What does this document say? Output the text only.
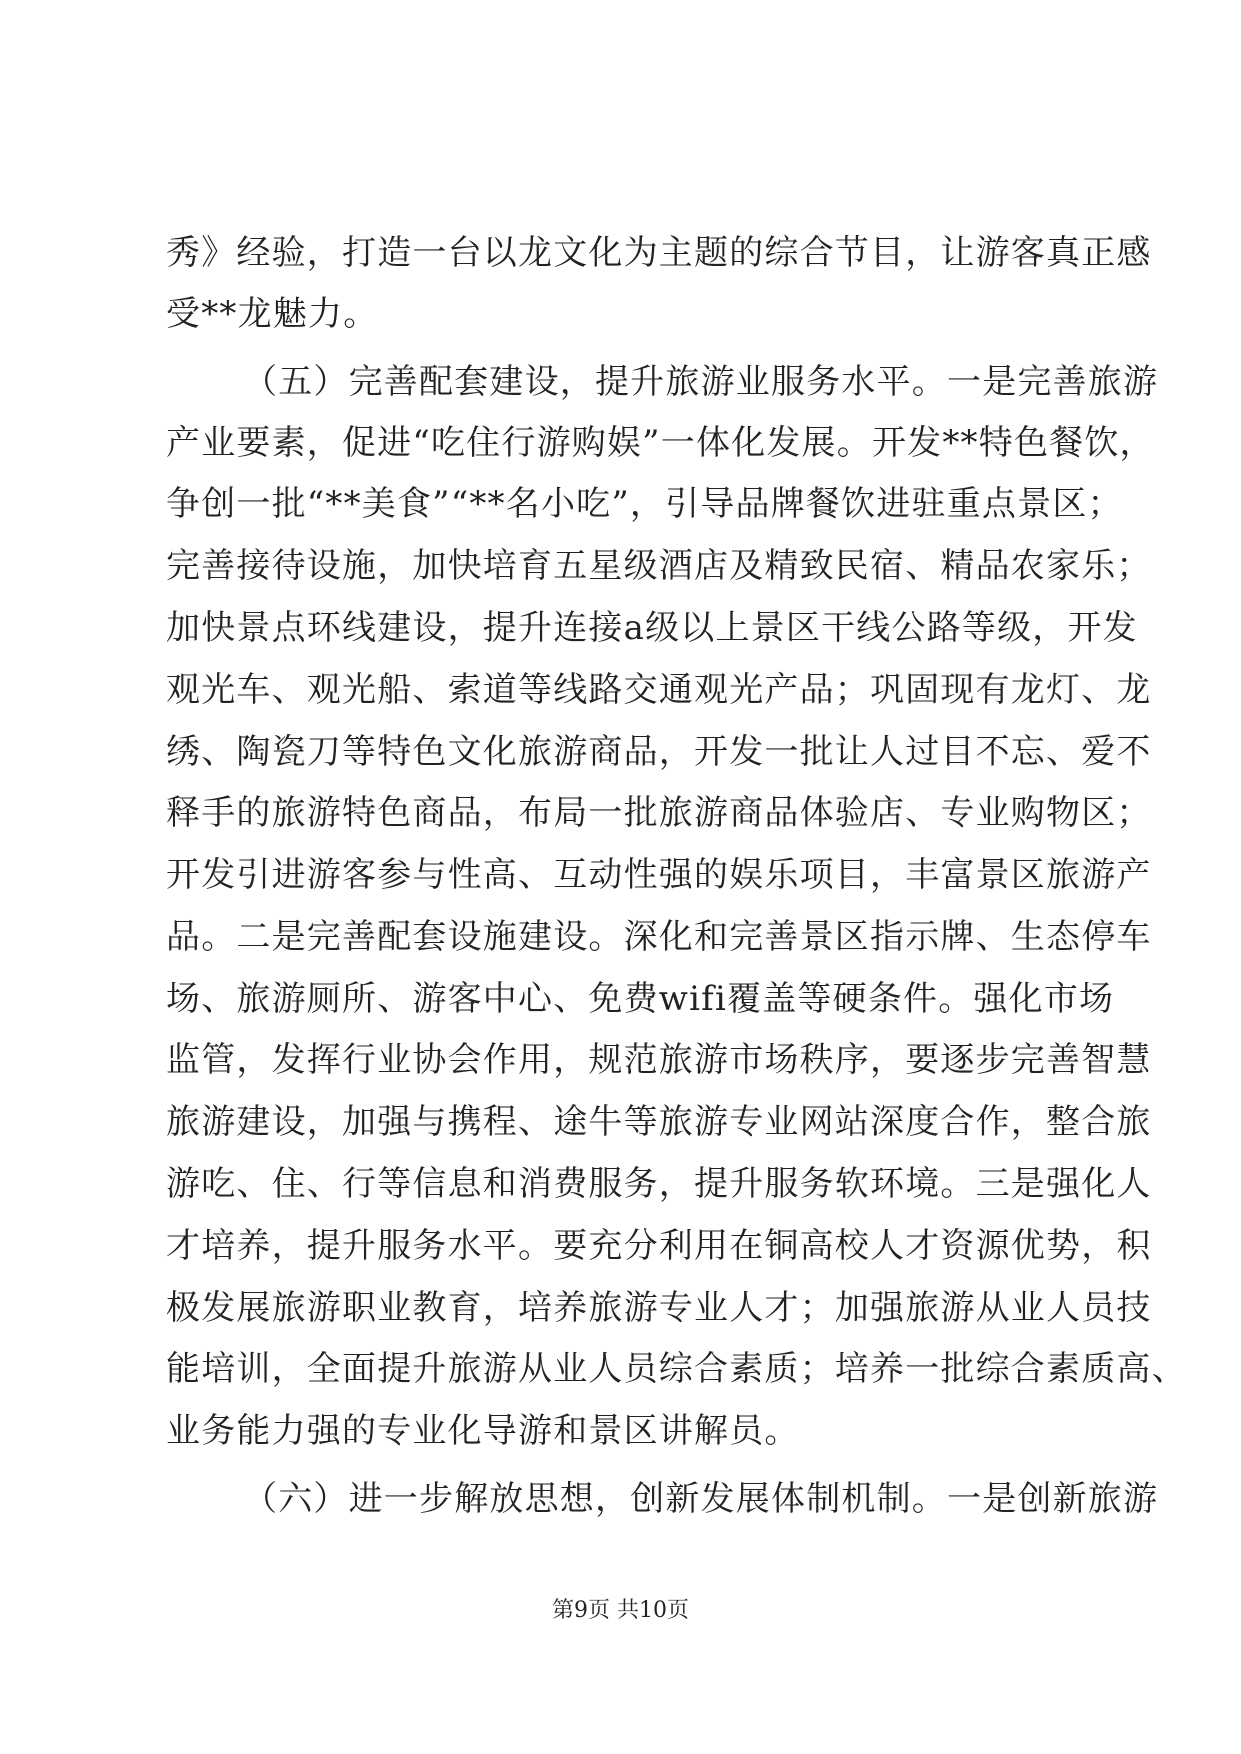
秀》经验，打造一台以龙文化为主题的综合节目，让游客真正感
受**龙魅力。
（五）完善配套建设，提升旅游业服务水平。一是完善旅游
产业要素，促进“吃住行游购娱”一体化发展。开发**特色餐饮，
争创一批“**美食”“**名小吃”，引导品牌餐饮进驻重点景区；
完善接待设施，加快培育五星级酒店及精致民宿、精品农家乐；
加快景点环线建设，提升连接a级以上景区干线公路等级，开发
观光车、观光船、索道等线路交通观光产品；巩固现有龙灯、龙
绣、陶瓷刀等特色文化旅游商品，开发一批让人过目不忘、爱不
释手的旅游特色商品，布局一批旅游商品体验店、专业购物区；
开发引进游客参与性高、互动性强的娱乐项目，丰富景区旅游产
品。二是完善配套设施建设。深化和完善景区指示牌、生态停车
场、旅游厕所、游客中心、免费wifi覆盖等硬条件。强化市场
监管，发挥行业协会作用，规范旅游市场秩序，要逐步完善智慧
旅游建设，加强与携程、途牛等旅游专业网站深度合作，整合旅
游吃、住、行等信息和消费服务，提升服务软环境。三是强化人
才培养，提升服务水平。要充分利用在铜高校人才资源优势，积
极发展旅游职业教育，培养旅游专业人才；加强旅游从业人员技
能培训，全面提升旅游从业人员综合素质；培养一批综合素质高、
业务能力强的专业化导游和景区讲解员。
（六）进一步解放思想，创新发展体制机制。一是创新旅游
第9页 共10页
